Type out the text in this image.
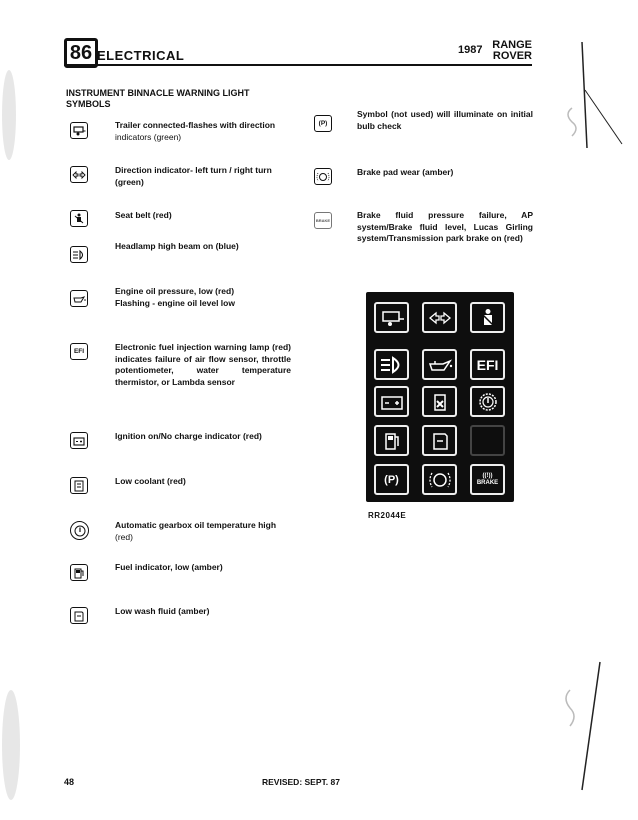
86 ELECTRICAL	1987 RANGE
ROVER
INSTRUMENT BINNACLE WARNING LIGHT SYMBOLS
EFI
Trailer connected-flashes with direction
indicators (green)
Direction indicator- left turn / right turn
(green)
Seat belt (red)
Headlamp high beam on (blue)
Engine oil pressure, low (red)
Flashing - engine oil level low
Electronic fuel injection warning lamp (red) indicates failure of air flow sensor, throttle potentiometer, water temperature thermistor, or Lambda sensor
Ignition on/No charge indicator (red)
Low coolant (red)
Automatic gearbox oil temperature high
(red)
Fuel indicator, low (amber)
Low wash fluid (amber)
(P)
BRAKE
Symbol (not used) will illuminate on initial bulb check
Brake pad wear (amber)
Brake fluid pressure failure, AP system/Brake fluid level, Lucas Girling system/Transmission park brake on (red)
EFI
(P)	((!))
BRAKE
RR2044E
48	REVISED: SEPT. 87
